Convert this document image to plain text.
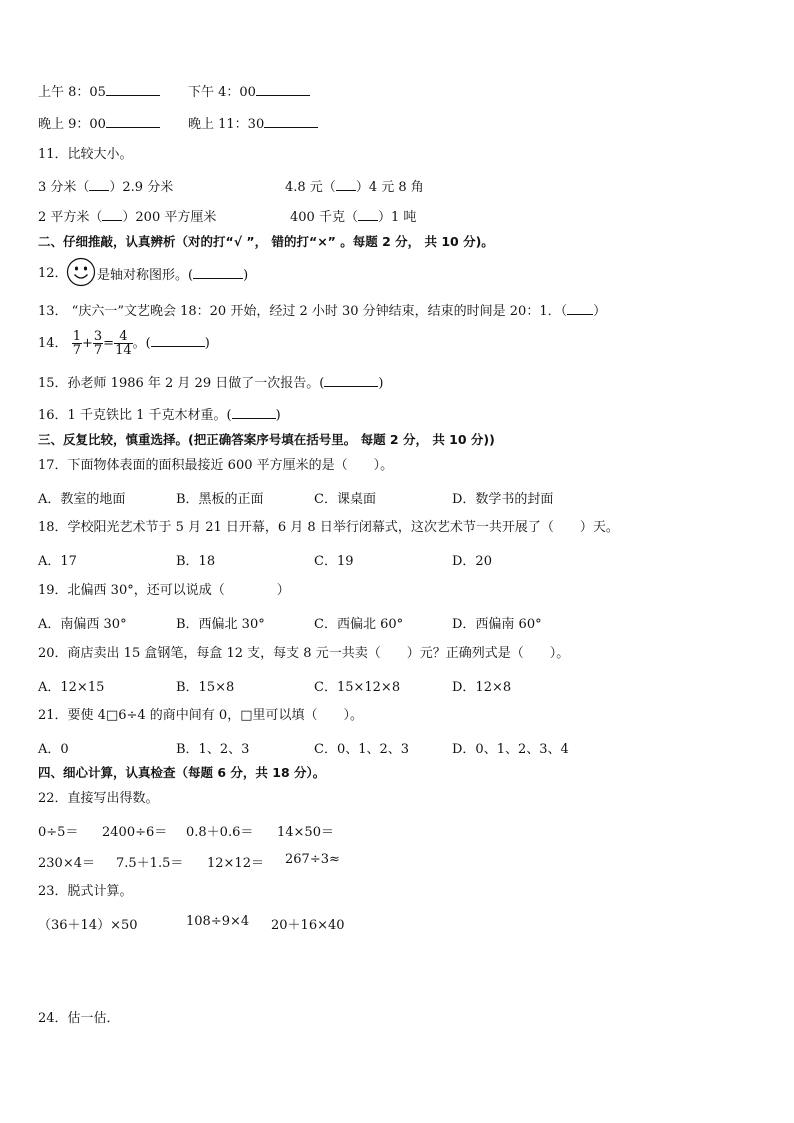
上午 8：05	下午 4：00
晚上 9：00	晚上 11：30
11．比较大小。
3 分米（ ）2.9 分米	4.8 元（ ）4 元 8 角
2 平方米（ ）200 平方厘米	400 千克（ ）1 吨
二、仔细推敲，认真辨析（对的打“√ ”， 错的打“×” 。每题 2 分， 共 10 分)。
12． 是轴对称图形。(	)
13． “庆六一”文艺晚会 18：20 开始，经过 2 小时 30 分钟结束，结束的时间是 20：1．（ ）
14． $\frac{1}{7} + \frac{3}{7} = \frac{4}{14}$ 。(	)
15．孙老师 1986 年 2 月 29 日做了一次报告。(	)
16．1 千克铁比 1 千克木材重。(	)
三、反复比较，慎重选择。(把正确答案序号填在括号里。 每题 2 分， 共 10 分))
17．下面物体表面的面积最接近 600 平方厘米的是（　　）。
A．教室的地面	B．黑板的正面	C．课桌面	D．数学书的封面
18．学校阳光艺术节于 5 月 21 日开幕，6 月 8 日举行闭幕式，这次艺术节一共开展了（　　）天。
A．17	B．18	C．19	D．20
19．北偏西 30°，还可以说成（　　　　）
A．南偏西 30°	B．西偏北 30°	C．西偏北 60°	D．西偏南 60°
20．商店卖出 15 盒钢笔，每盒 12 支，每支 8 元一共卖（　　）元？正确列式是（　　）。
A．12×15	B．15×8	C．15×12×8	D．12×8
21．要使 4□6÷4 的商中间有 0，□里可以填（　　）。
A．0	B．1、2、3	C．0、1、2、3	D．0、1、2、3、4
四、细心计算，认真检查（每题 6 分，共 18 分）。
22．直接写出得数。
0÷5＝ 2400÷6＝ 0.8＋0.6＝ 14×50＝
230×4＝ 7.5＋1.5＝ 12×12＝ 267÷3≈
23．脱式计算。
（36＋14）×50	108÷9×4 20＋16×40
24．估一估．
